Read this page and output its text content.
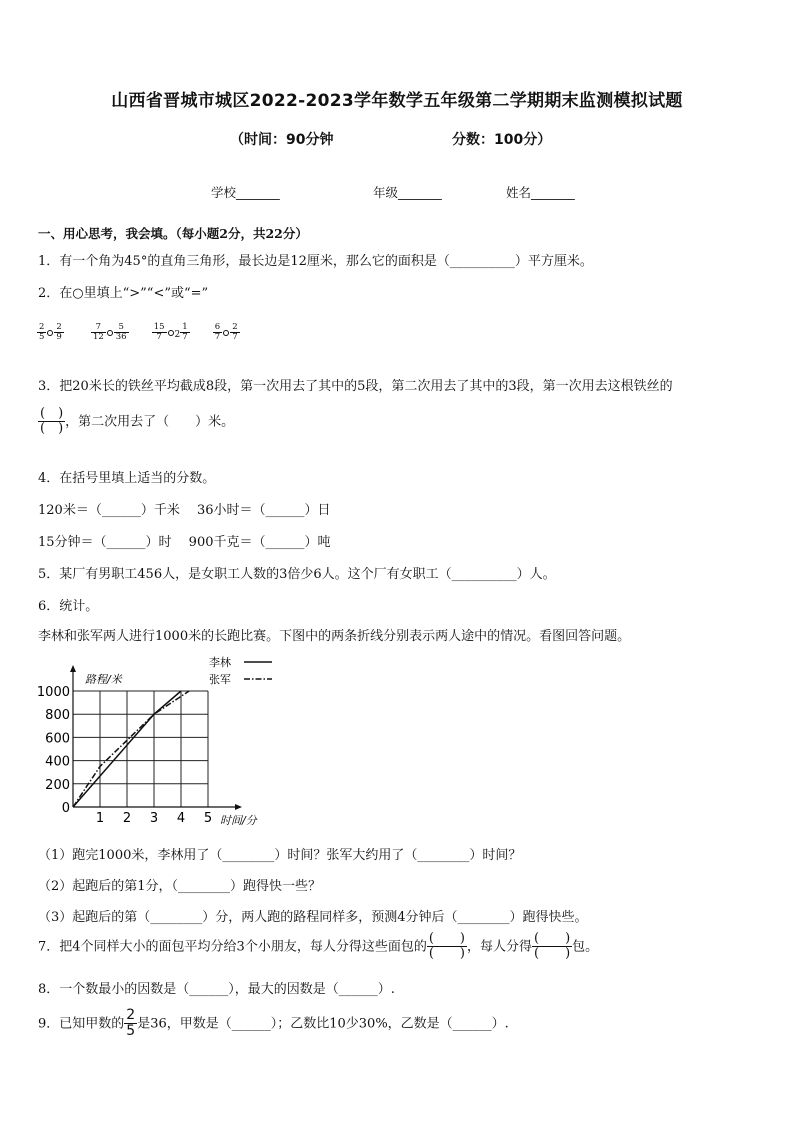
山西省晋城市城区2022-2023学年数学五年级第二学期期末监测模拟试题
（时间：90分钟	分数：100分）
学校_______	年级_______	姓名_______
一、用心思考，我会填。（每小题2分，共22分）
1．有一个角为45°的直角三角形，最长边是12厘米，那么它的面积是（__________）平方厘米。
2．在○里填上“>”“<”或“=”
$\frac{2}{5} \frac{2}{9}$
	$\frac{7}{12} \frac{5}{36}$
	$\frac{15}{7} 2 \frac{1}{7}$
	$\frac{6}{7} \frac{2}{7}$
3．把20米长的铁丝平均截成8段，第一次用去了其中的5段，第二次用去了其中的3段，第一次用去这根铁丝的
$\frac{( )}{( )}$ ，第二次用去了（　　）米。
4．在括号里填上适当的分数。
120米＝（______）千米　 36小时＝（______）日
15分钟＝（______）时　 900千克＝（______）吨
5．某厂有男职工456人，是女职工人数的3倍少6人。这个厂有女职工（__________）人。
6．统计。
李林和张军两人进行1000米的长跑比赛。下图中的两条折线分别表示两人途中的情况。看图回答问题。
1 2 3 4 5
0
200
400
600
800
1000
路程/米
时间/分
李林
张军
（1）跑完1000米，李林用了（________）时间？张军大约用了（________）时间？
（2）起跑后的第1分，（________）跑得快一些？
（3）起跑后的第（________）分，两人跑的路程同样多，预测4分钟后（________）跑得快些。
7．把4个同样大小的面包平均分给3个小朋友，每人分得这些面包的 $\frac{( )}{( )}$ ，每人分得 $\frac{( )}{( )}$ 包。
8．一个数最小的因数是（______），最大的因数是（______）.
9．已知甲数的 $\frac{2}{5}$ 是36，甲数是（______）；乙数比10少30%，乙数是（______）.
